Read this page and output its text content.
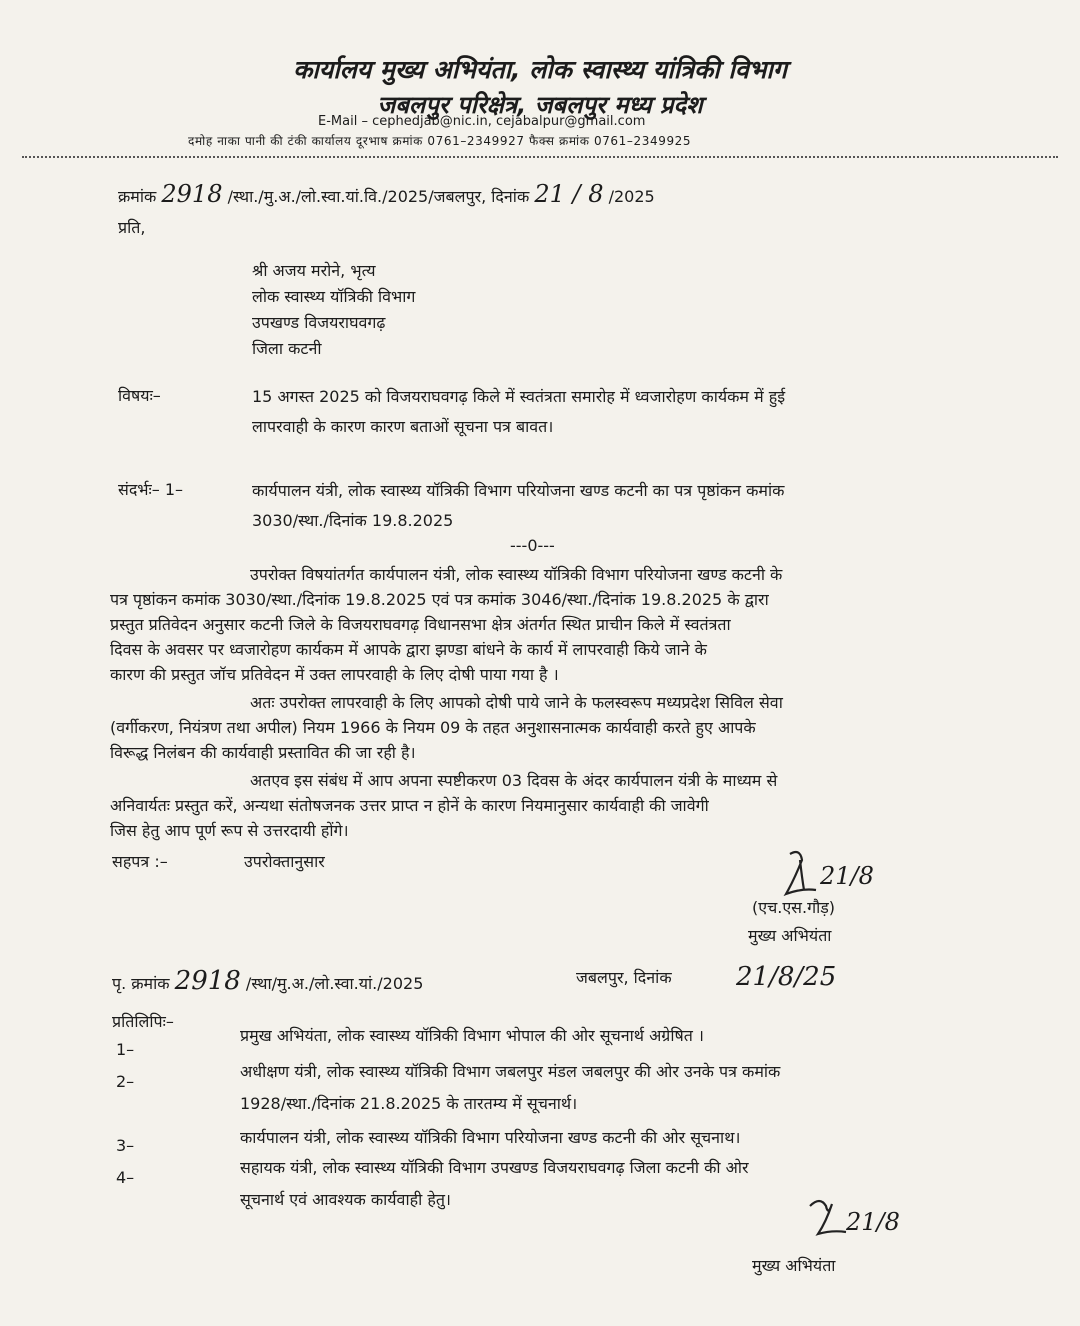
कार्यालय मुख्य अभियंता, लोक स्वास्थ्य यांत्रिकी विभाग
जबलपुर परिक्षेत्र, जबलपुर मध्य प्रदेश
E-Mail – cephedjab@nic.in, cejabalpur@gmail.com
दमोह नाका पानी की टंकी कार्यालय दूरभाष क्रमांक 0761–2349927 फैक्स क्रमांक 0761–2349925
क्रमांक 2918 /स्था./मु.अ./लो.स्वा.यां.वि./2025/जबलपुर, दिनांक 21 / 8 /2025
प्रति,
श्री अजय मरोने, भृत्य
लोक स्वास्थ्य यॉत्रिकी विभाग
उपखण्ड विजयराघवगढ़
जिला कटनी
विषयः–	15 अगस्त 2025 को विजयराघवगढ़ किले में स्वतंत्रता समारोह में ध्वजारोहण कार्यकम में हुई
लापरवाही के कारण कारण बताओं सूचना पत्र बावत।
संदर्भः– 1–	कार्यपालन यंत्री, लोक स्वास्थ्य यॉत्रिकी विभाग परियोजना खण्ड कटनी का पत्र पृष्ठांकन कमांक
3030/स्था./दिनांक 19.8.2025
---0---
उपरोक्त विषयांतर्गत कार्यपालन यंत्री, लोक स्वास्थ्य यॉत्रिकी विभाग परियोजना खण्ड कटनी के
पत्र पृष्ठांकन कमांक 3030/स्था./दिनांक 19.8.2025 एवं पत्र कमांक 3046/स्था./दिनांक 19.8.2025 के द्वारा
प्रस्तुत प्रतिवेदन अनुसार कटनी जिले के विजयराघवगढ़ विधानसभा क्षेत्र अंतर्गत स्थित प्राचीन किले में स्वतंत्रता
दिवस के अवसर पर ध्वजारोहण कार्यकम में आपके द्वारा झण्डा बांधने के कार्य में लापरवाही किये जाने के
कारण की प्रस्तुत जॉच प्रतिवेदन में उक्त लापरवाही के लिए दोषी पाया गया है ।
अतः उपरोक्त लापरवाही के लिए आपको दोषी पाये जाने के फलस्वरूप मध्यप्रदेश सिविल सेवा
(वर्गीकरण, नियंत्रण तथा अपील) नियम 1966 के नियम 09 के तहत अनुशासनात्मक कार्यवाही करते हुए आपके
विरूद्ध निलंबन की कार्यवाही प्रस्तावित की जा रही है।
अतएव इस संबंध में आप अपना स्पष्टीकरण 03 दिवस के अंदर कार्यपालन यंत्री के माध्यम से
अनिवार्यतः प्रस्तुत करें, अन्यथा संतोषजनक उत्तर प्राप्त न होनें के कारण नियमानुसार कार्यवाही की जावेगी
जिस हेतु आप पूर्ण रूप से उत्तरदायी होंगे।
सहपत्र :–	उपरोक्तानुसार
21/8
(एच.एस.गौड़)
मुख्य अभियंता
पृ. क्रमांक 2918 /स्था/मु.अ./लो.स्वा.यां./2025	जबलपुर, दिनांक 21/8/25
प्रतिलिपिः–
1–
प्रमुख अभियंता, लोक स्वास्थ्य यॉत्रिकी विभाग भोपाल की ओर सूचनार्थ अग्रेषित ।
2–
अधीक्षण यंत्री, लोक स्वास्थ्य यॉत्रिकी विभाग जबलपुर मंडल जबलपुर की ओर उनके पत्र कमांक
1928/स्था./दिनांक 21.8.2025 के तारतम्य में सूचनार्थ।
3–	कार्यपालन यंत्री, लोक स्वास्थ्य यॉत्रिकी विभाग परियोजना खण्ड कटनी की ओर सूचनाथ।
4–
सहायक यंत्री, लोक स्वास्थ्य यॉत्रिकी विभाग उपखण्ड विजयराघवगढ़ जिला कटनी की ओर
सूचनार्थ एवं आवश्यक कार्यवाही हेतु।
21/8
मुख्य अभियंता
